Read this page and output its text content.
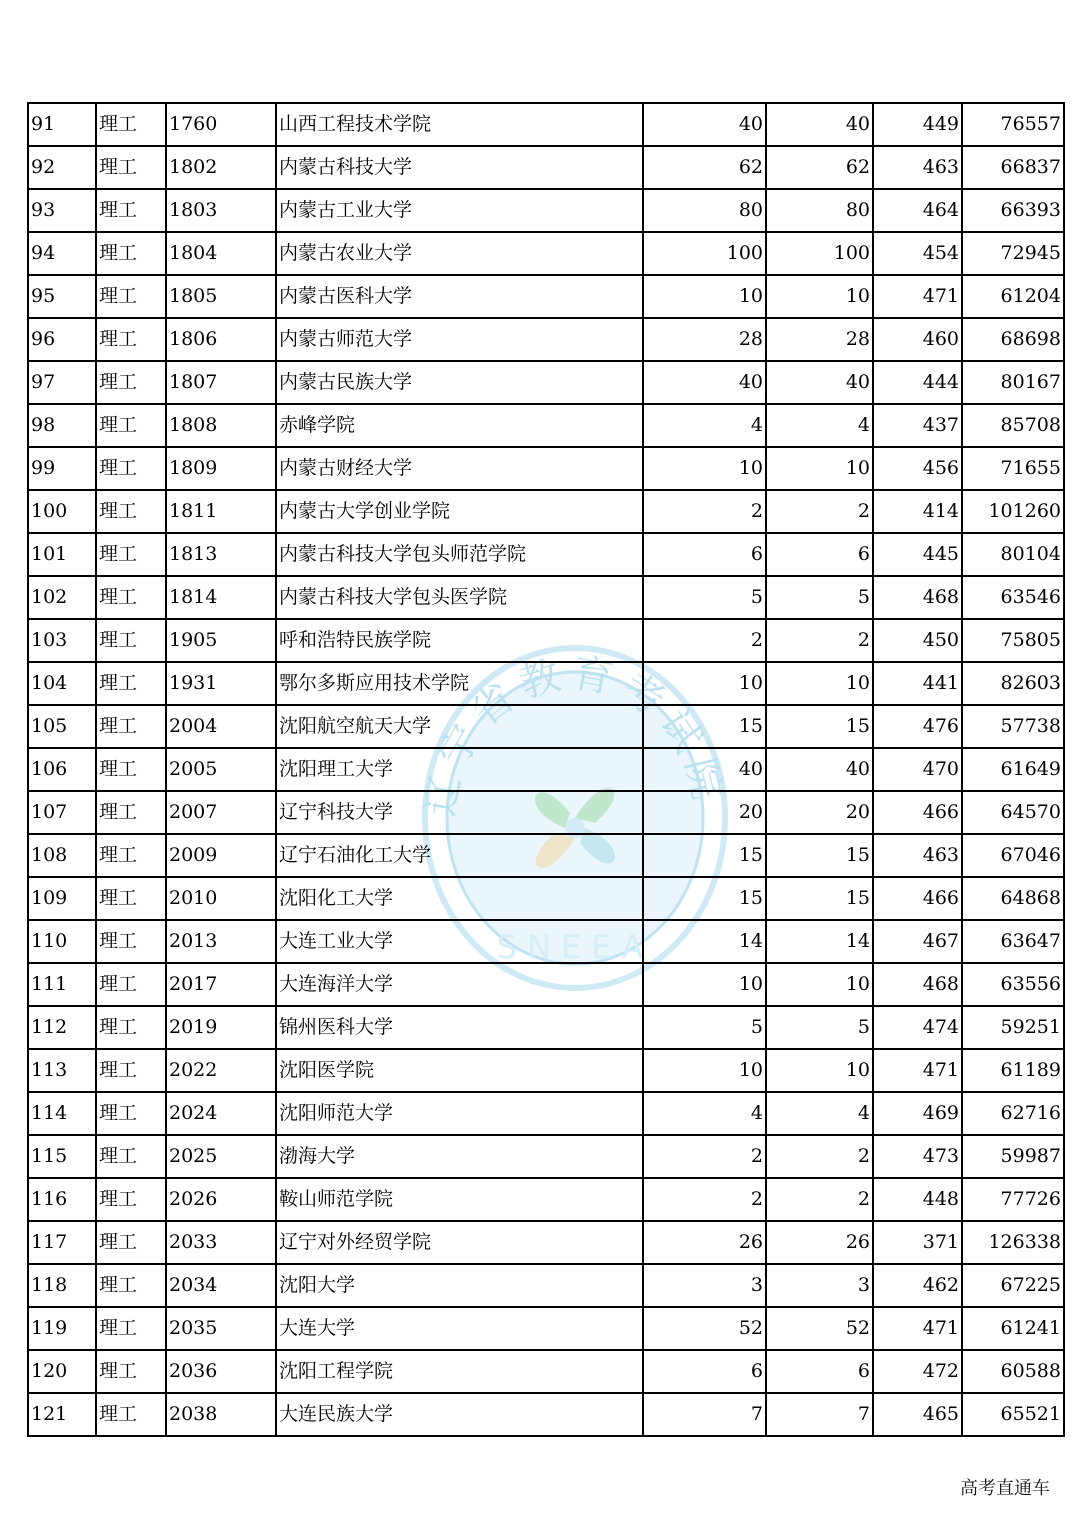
辽宁省教育考试院
SNEEA
91	理工	1760	山西工程技术学院	40	40	449	76557
92	理工	1802	内蒙古科技大学	62	62	463	66837
93	理工	1803	内蒙古工业大学	80	80	464	66393
94	理工	1804	内蒙古农业大学	100	100	454	72945
95	理工	1805	内蒙古医科大学	10	10	471	61204
96	理工	1806	内蒙古师范大学	28	28	460	68698
97	理工	1807	内蒙古民族大学	40	40	444	80167
98	理工	1808	赤峰学院	4	4	437	85708
99	理工	1809	内蒙古财经大学	10	10	456	71655
100	理工	1811	内蒙古大学创业学院	2	2	414	101260
101	理工	1813	内蒙古科技大学包头师范学院	6	6	445	80104
102	理工	1814	内蒙古科技大学包头医学院	5	5	468	63546
103	理工	1905	呼和浩特民族学院	2	2	450	75805
104	理工	1931	鄂尔多斯应用技术学院	10	10	441	82603
105	理工	2004	沈阳航空航天大学	15	15	476	57738
106	理工	2005	沈阳理工大学	40	40	470	61649
107	理工	2007	辽宁科技大学	20	20	466	64570
108	理工	2009	辽宁石油化工大学	15	15	463	67046
109	理工	2010	沈阳化工大学	15	15	466	64868
110	理工	2013	大连工业大学	14	14	467	63647
111	理工	2017	大连海洋大学	10	10	468	63556
112	理工	2019	锦州医科大学	5	5	474	59251
113	理工	2022	沈阳医学院	10	10	471	61189
114	理工	2024	沈阳师范大学	4	4	469	62716
115	理工	2025	渤海大学	2	2	473	59987
116	理工	2026	鞍山师范学院	2	2	448	77726
117	理工	2033	辽宁对外经贸学院	26	26	371	126338
118	理工	2034	沈阳大学	3	3	462	67225
119	理工	2035	大连大学	52	52	471	61241
120	理工	2036	沈阳工程学院	6	6	472	60588
121	理工	2038	大连民族大学	7	7	465	65521
高考直通车
